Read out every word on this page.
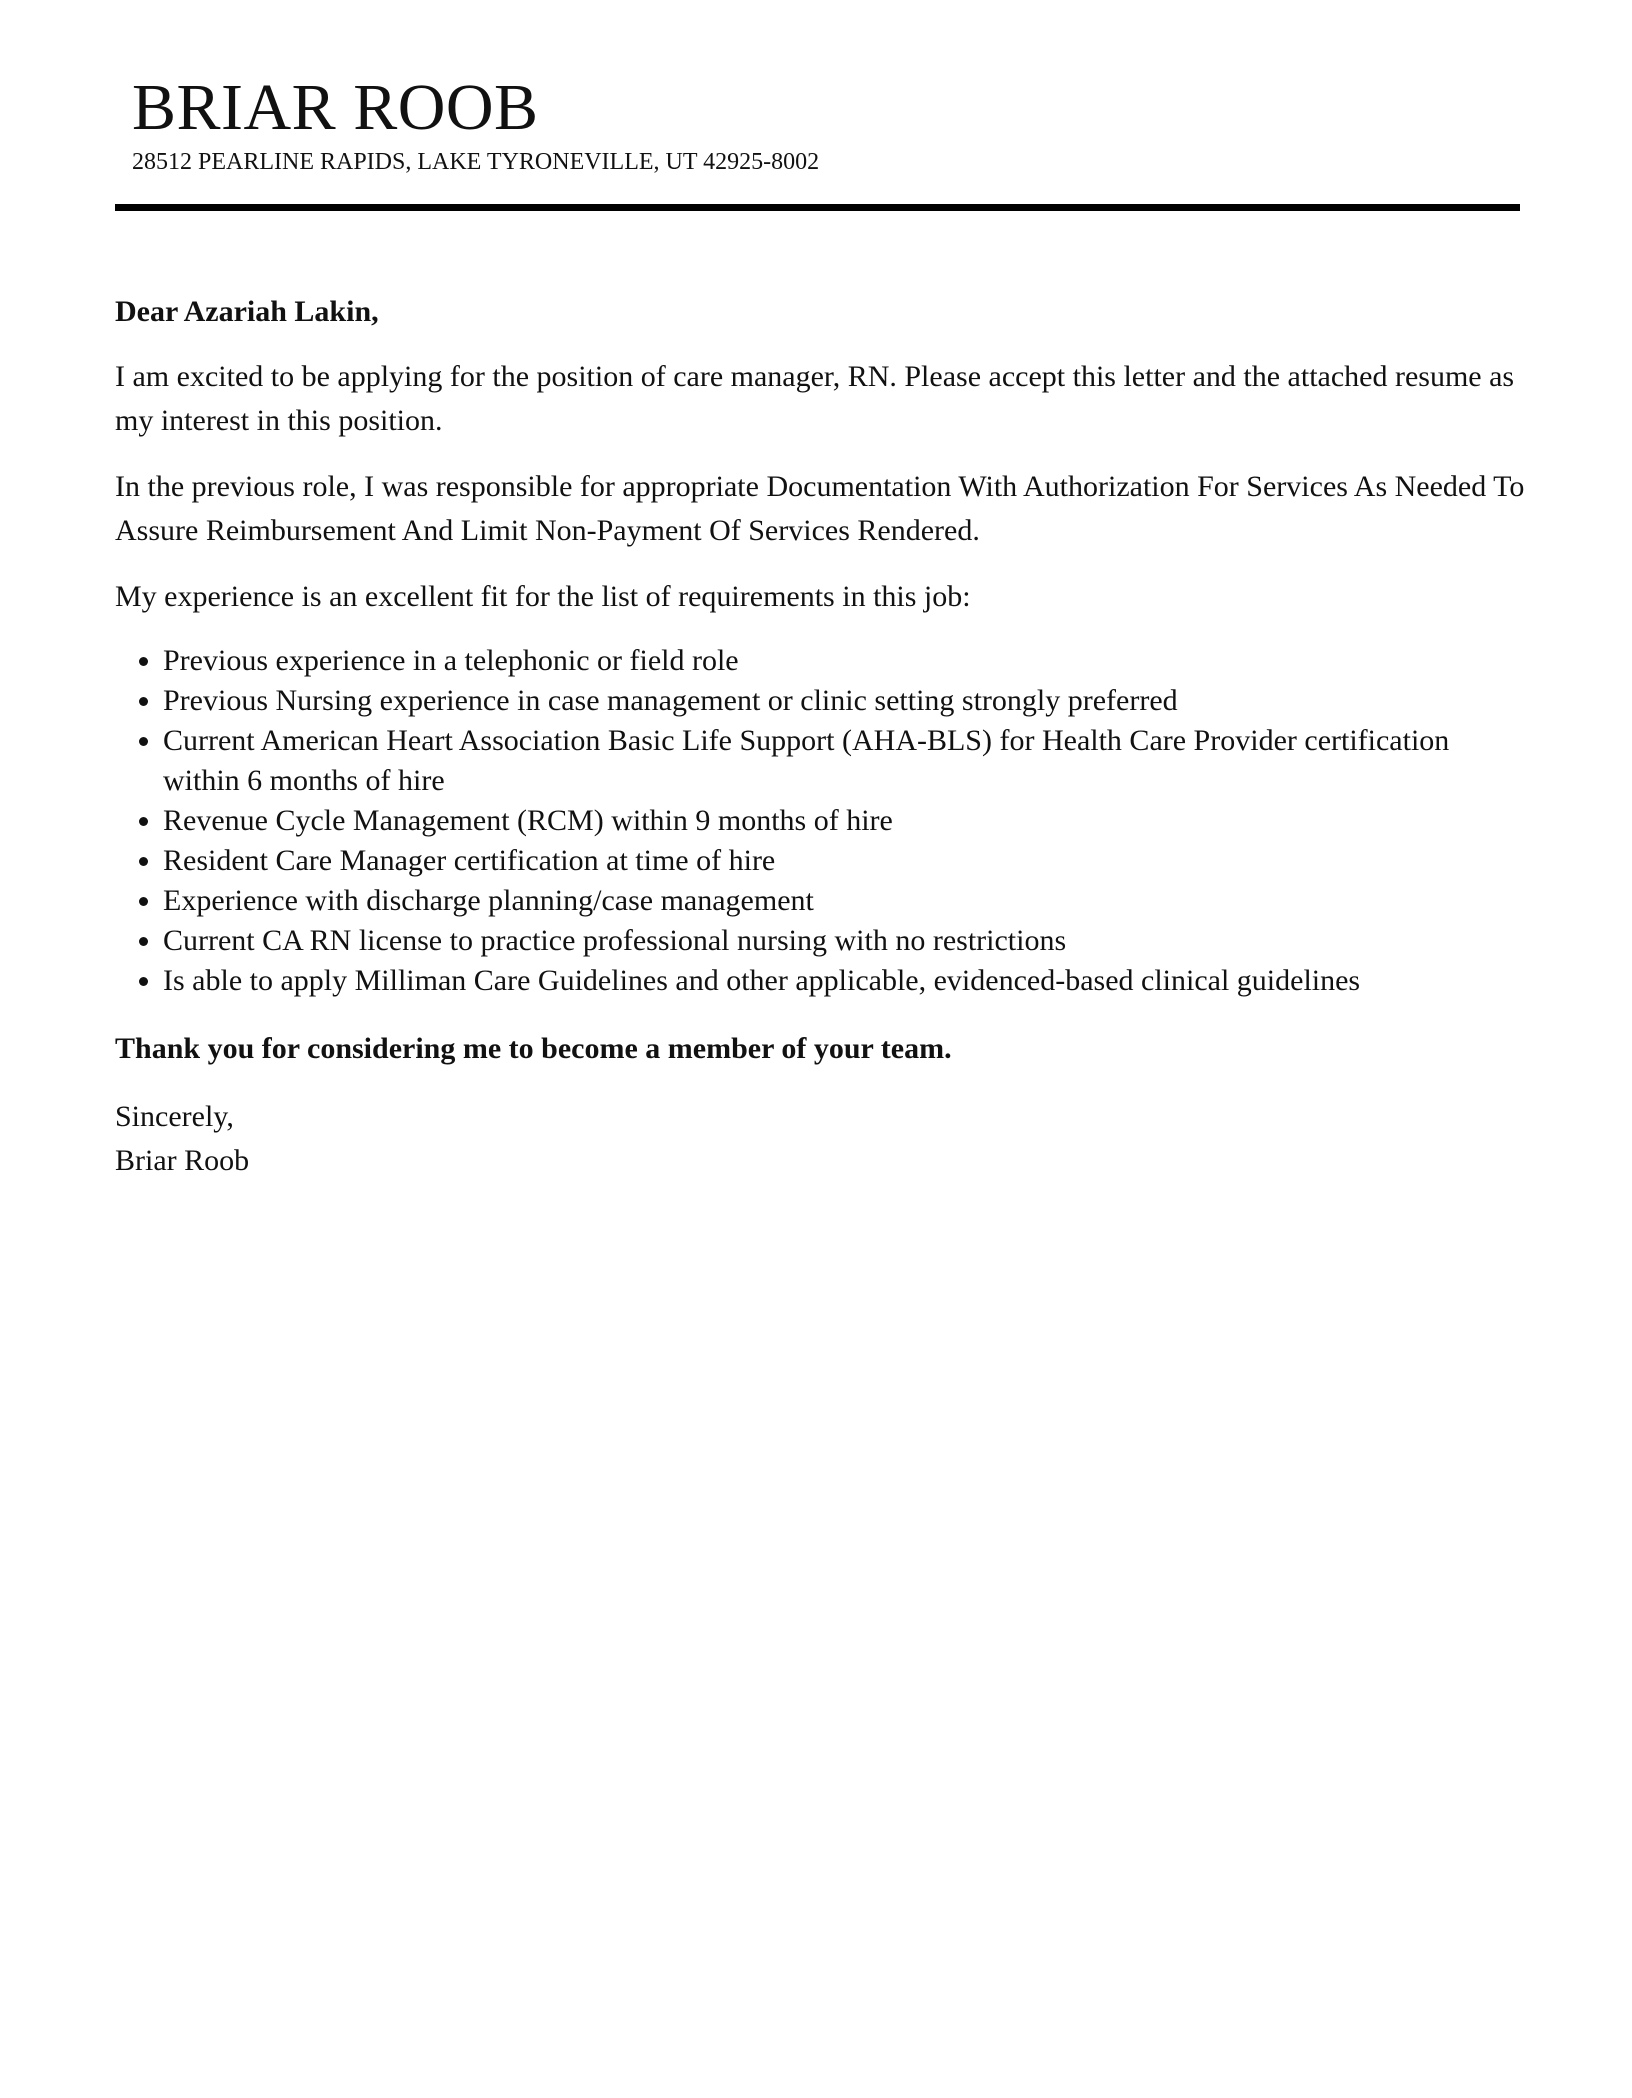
BRIAR ROOB
28512 PEARLINE RAPIDS, LAKE TYRONEVILLE, UT 42925-8002

Dear Azariah Lakin,

I am excited to be applying for the position of care manager, RN. Please accept this letter and the attached resume as my interest in this position.

In the previous role, I was responsible for appropriate Documentation With Authorization For Services As Needed To Assure Reimbursement And Limit Non-Payment Of Services Rendered.

My experience is an excellent fit for the list of requirements in this job:

• Previous experience in a telephonic or field role
• Previous Nursing experience in case management or clinic setting strongly preferred
• Current American Heart Association Basic Life Support (AHA-BLS) for Health Care Provider certification within 6 months of hire
• Revenue Cycle Management (RCM) within 9 months of hire
• Resident Care Manager certification at time of hire
• Experience with discharge planning/case management
• Current CA RN license to practice professional nursing with no restrictions
• Is able to apply Milliman Care Guidelines and other applicable, evidenced-based clinical guidelines

Thank you for considering me to become a member of your team.

Sincerely,

Briar Roob
